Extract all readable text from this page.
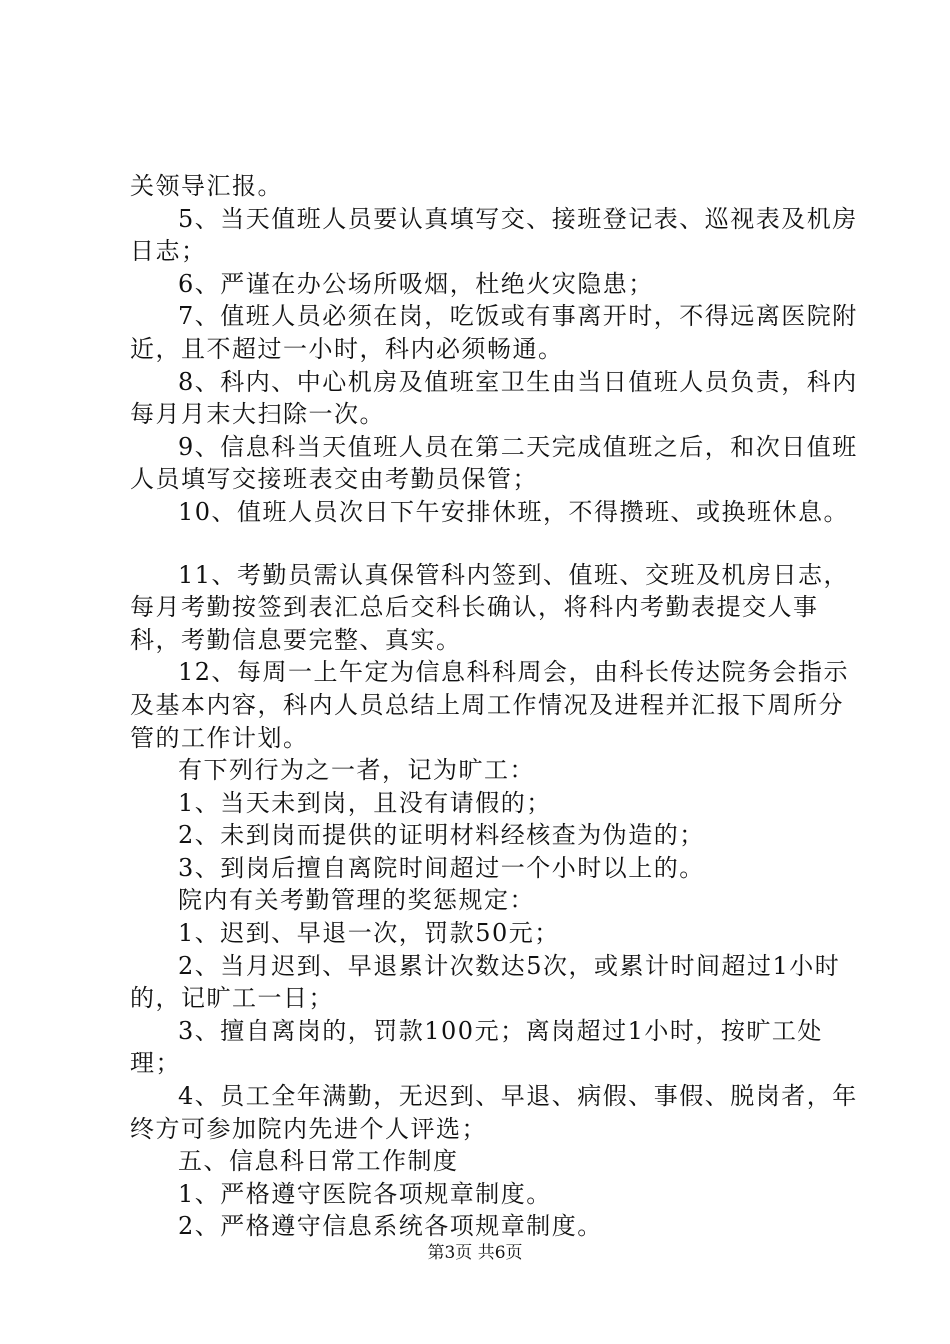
关领导汇报。

5、当天值班人员要认真填写交、接班登记表、巡视表及机房日志；

6、严谨在办公场所吸烟，杜绝火灾隐患；

7、值班人员必须在岗，吃饭或有事离开时，不得远离医院附近，且不超过一小时，科内必须畅通。

8、科内、中心机房及值班室卫生由当日值班人员负责，科内每月月末大扫除一次。

9、信息科当天值班人员在第二天完成值班之后，和次日值班人员填写交接班表交由考勤员保管；

10、值班人员次日下午安排休班，不得攒班、或换班休息。

11、考勤员需认真保管科内签到、值班、交班及机房日志，每月考勤按签到表汇总后交科长确认，将科内考勤表提交人事科，考勤信息要完整、真实。

12、每周一上午定为信息科科周会，由科长传达院务会指示及基本内容，科内人员总结上周工作情况及进程并汇报下周所分管的工作计划。

有下列行为之一者，记为旷工：

1、当天未到岗，且没有请假的；

2、未到岗而提供的证明材料经核查为伪造的；

3、到岗后擅自离院时间超过一个小时以上的。

院内有关考勤管理的奖惩规定：

1、迟到、早退一次，罚款50元；

2、当月迟到、早退累计次数达5次，或累计时间超过1小时的，记旷工一日；

3、擅自离岗的，罚款100元；离岗超过1小时，按旷工处理；

4、员工全年满勤，无迟到、早退、病假、事假、脱岗者，年终方可参加院内先进个人评选；

五、信息科日常工作制度

1、严格遵守医院各项规章制度。

2、严格遵守信息系统各项规章制度。

第3页 共6页
